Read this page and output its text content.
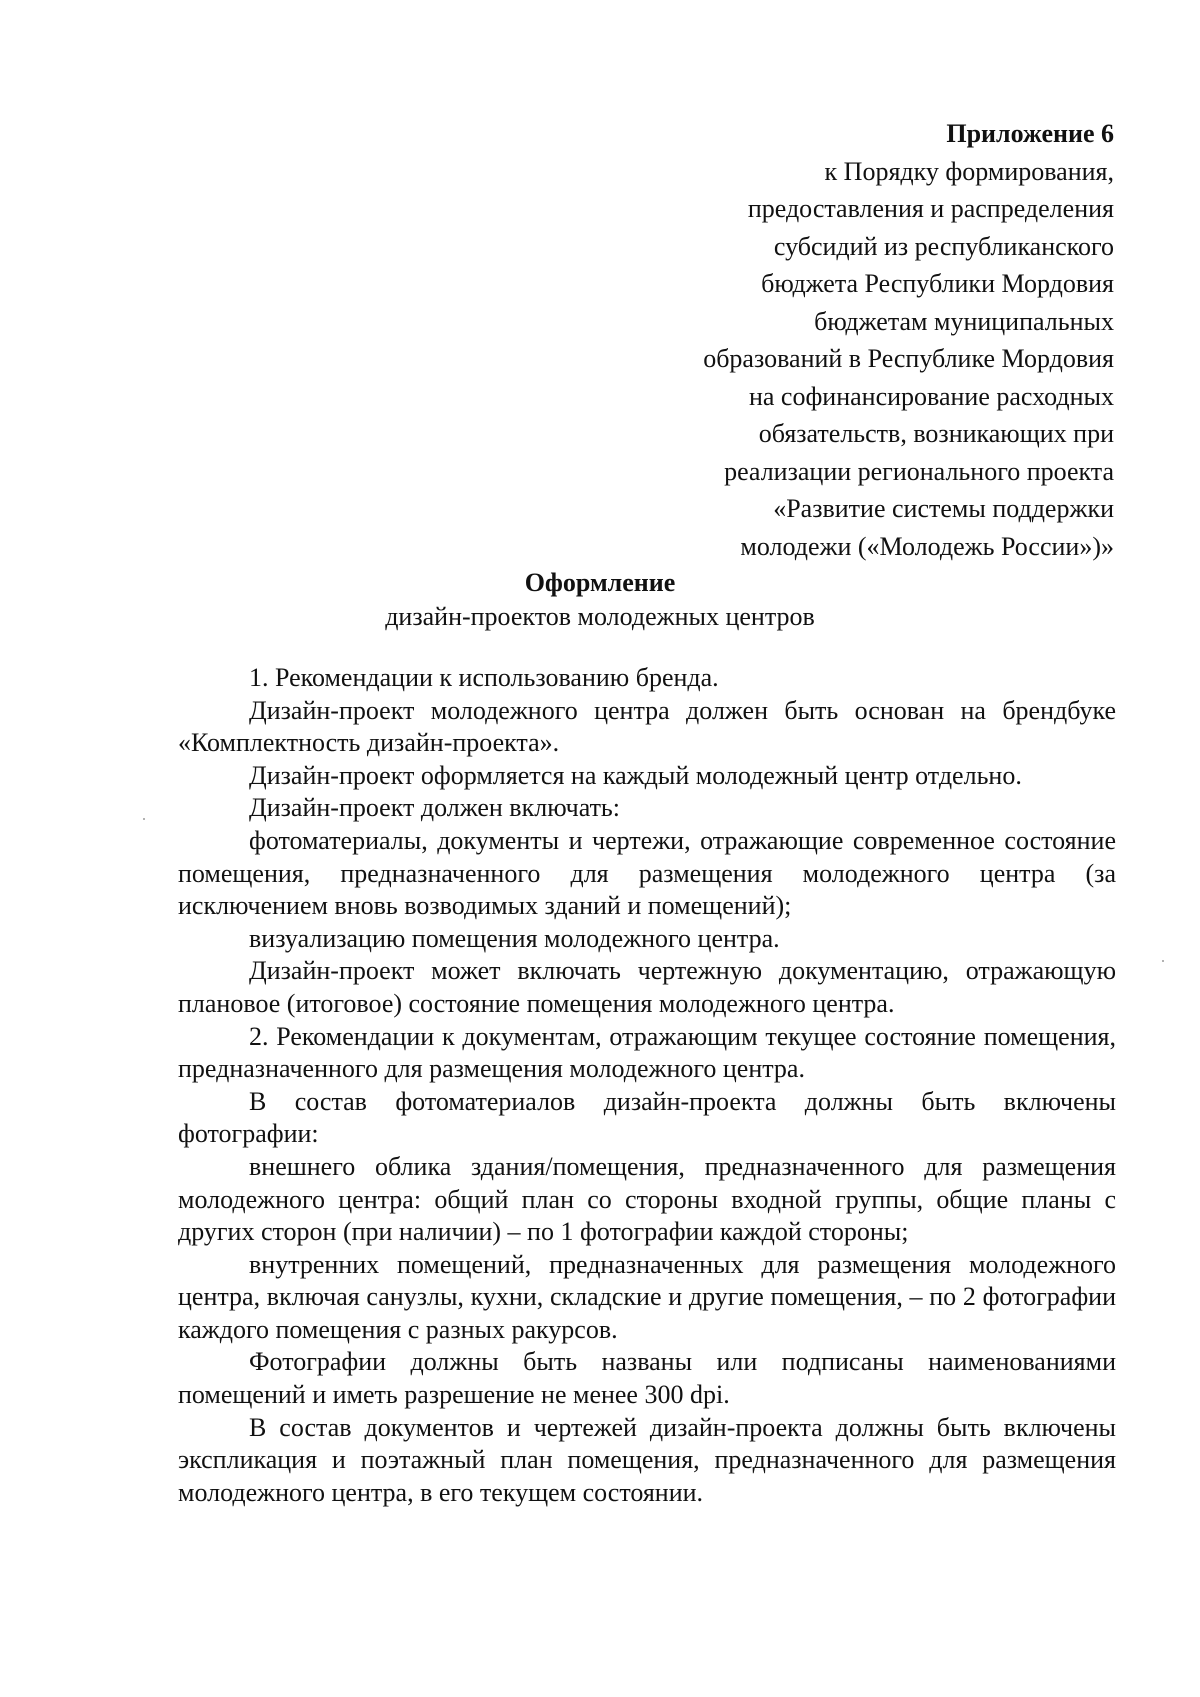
Приложение 6
к Порядку формирования,
предоставления и распределения
субсидий из республиканского
бюджета Республики Мордовия
бюджетам муниципальных
образований в Республике Мордовия
на софинансирование расходных
обязательств, возникающих при
реализации регионального проекта
«Развитие системы поддержки
молодежи («Молодежь России»)»
Оформление
дизайн-проектов молодежных центров

1. Рекомендации к использованию бренда.

Дизайн-проект молодежного центра должен быть основан на брендбуке «Комплектность дизайн-проекта».

Дизайн-проект оформляется на каждый молодежный центр отдельно.

Дизайн-проект должен включать:

фотоматериалы, документы и чертежи, отражающие современное состояние помещения, предназначенного для размещения молодежного центра (за исключением вновь возводимых зданий и помещений);

визуализацию помещения молодежного центра.

Дизайн-проект может включать чертежную документацию, отражающую плановое (итоговое) состояние помещения молодежного центра.

2. Рекомендации к документам, отражающим текущее состояние помещения, предназначенного для размещения молодежного центра.

В состав фотоматериалов дизайн-проекта должны быть включены фотографии:

внешнего облика здания/помещения, предназначенного для размещения молодежного центра: общий план со стороны входной группы, общие планы с других сторон (при наличии) – по 1 фотографии каждой стороны;

внутренних помещений, предназначенных для размещения молодежного центра, включая санузлы, кухни, складские и другие помещения, – по 2 фотографии каждого помещения с разных ракурсов.

Фотографии должны быть названы или подписаны наименованиями помещений и иметь разрешение не менее 300 dpi.

В состав документов и чертежей дизайн-проекта должны быть включены экспликация и поэтажный план помещения, предназначенного для размещения молодежного центра, в его текущем состоянии.
